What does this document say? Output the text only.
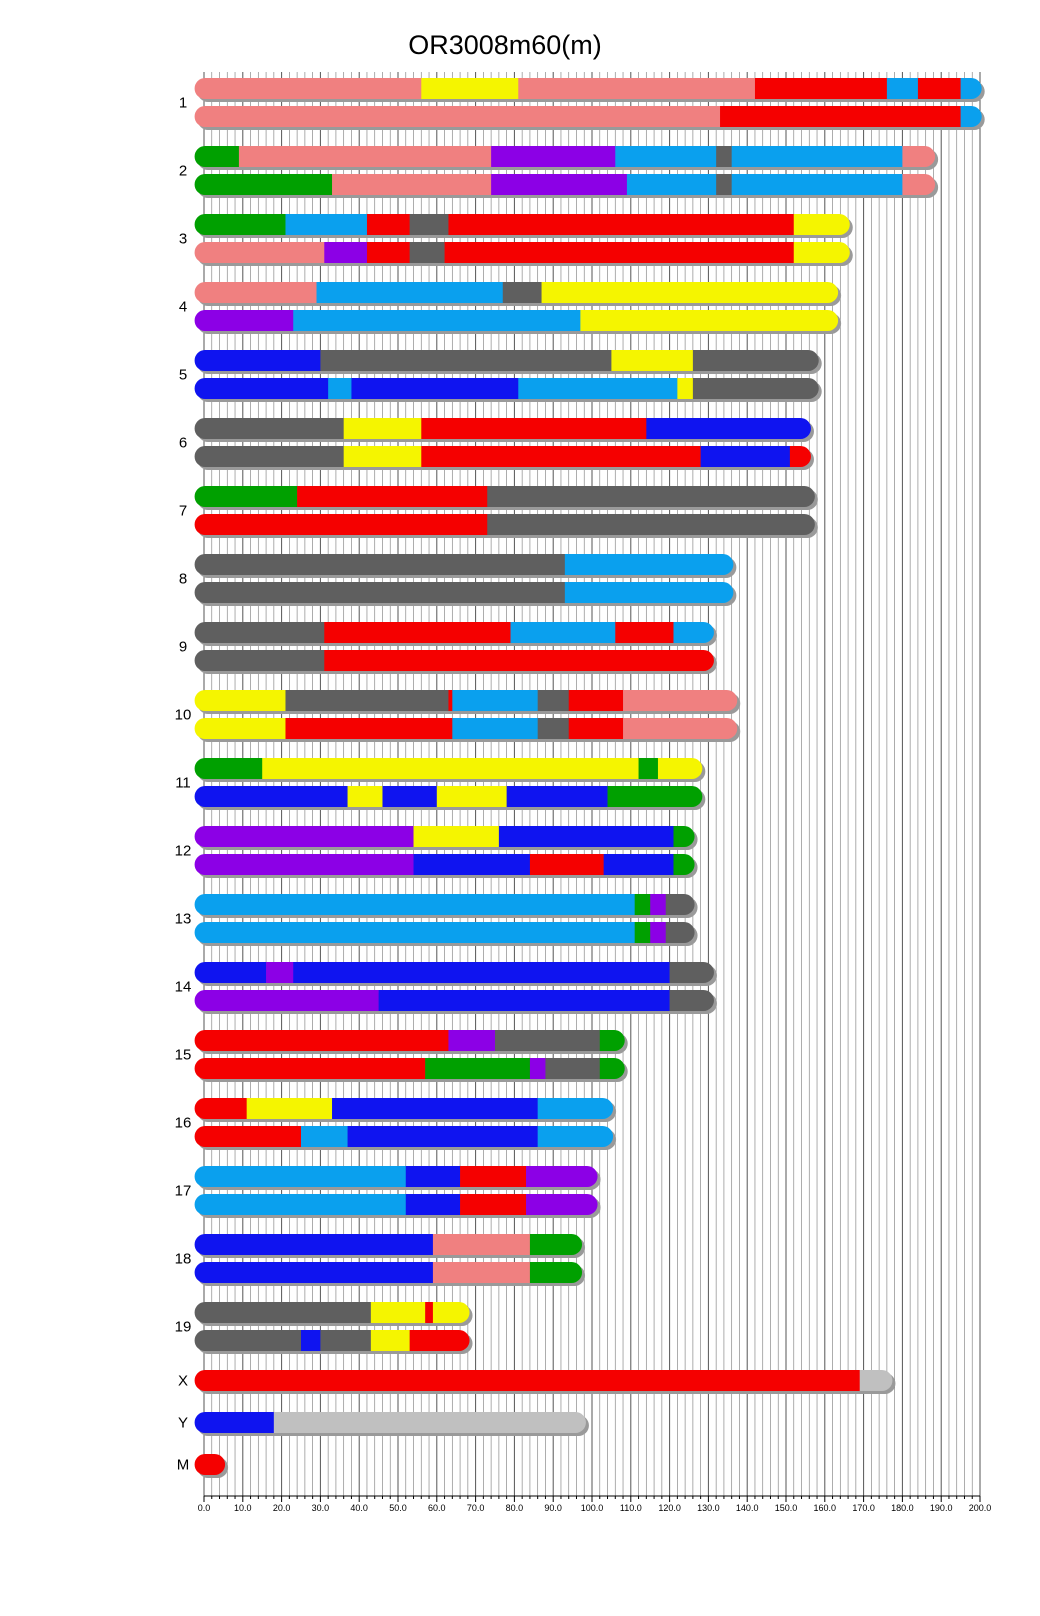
OR3008m60(m)
0.0	10.0 20.0 30.0 40.0 50.0 60.0 70.0 80.0 90.0 100.0 110.0 120.0 130.0 140.0 150.0 160.0 170.0 180.0 190.0 200.0
1
2
3
4
5
6
7
8
9
10
11
12
13
14
15
16
17
18
19
X
Y
M
